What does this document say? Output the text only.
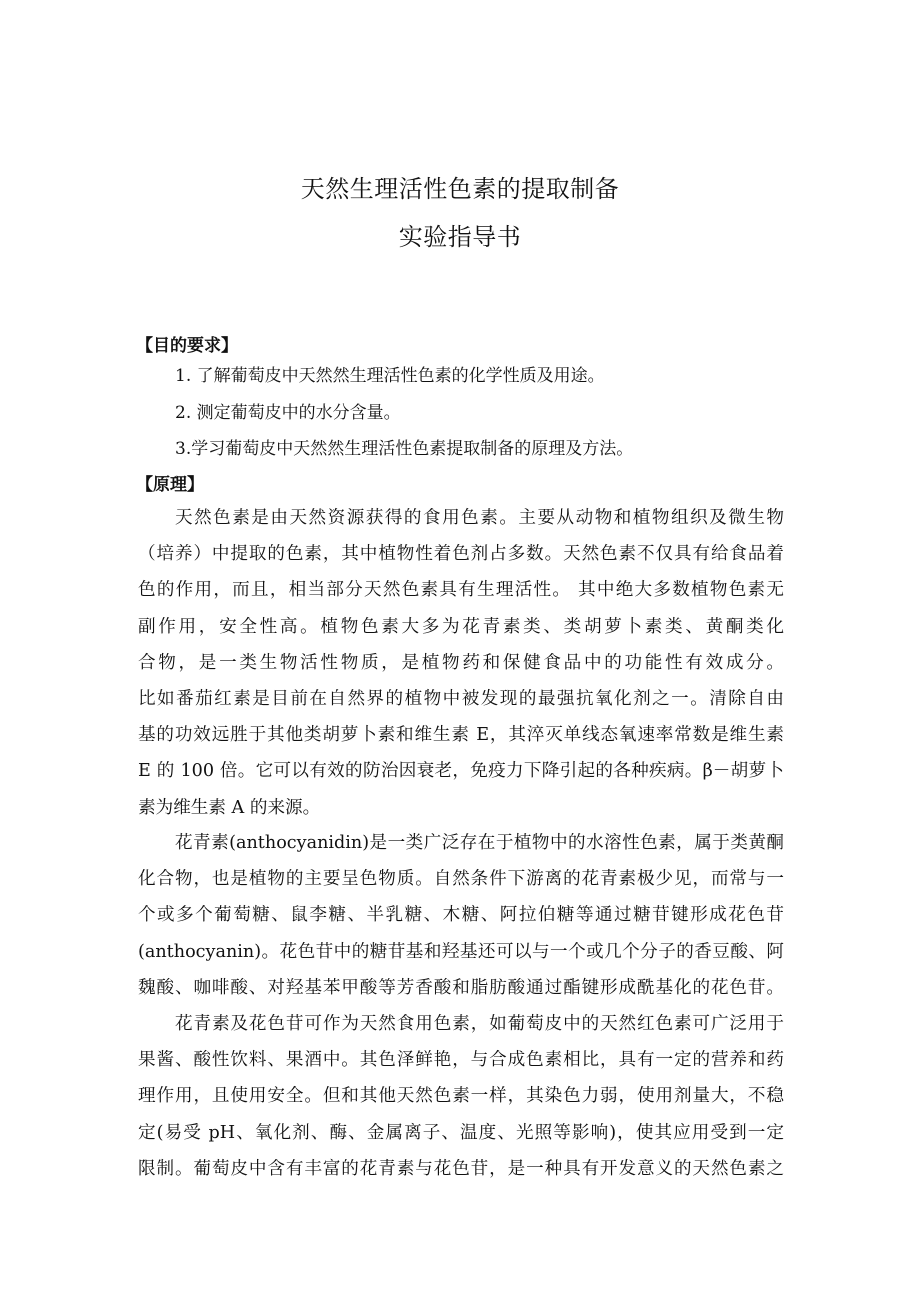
天然生理活性色素的提取制备
实验指导书
【目的要求】
1. 了解葡萄皮中天然然生理活性色素的化学性质及用途。
2. 测定葡萄皮中的水分含量。
3.学习葡萄皮中天然然生理活性色素提取制备的原理及方法。
【原理】
天然色素是由天然资源获得的食用色素。主要从动物和植物组织及微生物
（培养）中提取的色素，其中植物性着色剂占多数。天然色素不仅具有给食品着
色的作用，而且，相当部分天然色素具有生理活性。 其中绝大多数植物色素无
副作用，安全性高。植物色素大多为花青素类、类胡萝卜素类、黄酮类化
合物，是一类生物活性物质，是植物药和保健食品中的功能性有效成分。
比如番茄红素是目前在自然界的植物中被发现的最强抗氧化剂之一。清除自由
基的功效远胜于其他类胡萝卜素和维生素 E，其淬灭单线态氧速率常数是维生素
E 的 100 倍。它可以有效的防治因衰老，免疫力下降引起的各种疾病。β－胡萝卜
素为维生素 A 的来源。
花青素(anthocyanidin)是一类广泛存在于植物中的水溶性色素，属于类黄酮
化合物，也是植物的主要呈色物质。自然条件下游离的花青素极少见，而常与一
个或多个葡萄糖、鼠李糖、半乳糖、木糖、阿拉伯糖等通过糖苷键形成花色苷
(anthocyanin)。花色苷中的糖苷基和羟基还可以与一个或几个分子的香豆酸、阿
魏酸、咖啡酸、对羟基苯甲酸等芳香酸和脂肪酸通过酯键形成酰基化的花色苷。
花青素及花色苷可作为天然食用色素，如葡萄皮中的天然红色素可广泛用于
果酱、酸性饮料、果酒中。其色泽鲜艳，与合成色素相比，具有一定的营养和药
理作用，且使用安全。但和其他天然色素一样，其染色力弱，使用剂量大，不稳
定(易受 pH、氧化剂、酶、金属离子、温度、光照等影响)，使其应用受到一定
限制。葡萄皮中含有丰富的花青素与花色苷，是一种具有开发意义的天然色素之
